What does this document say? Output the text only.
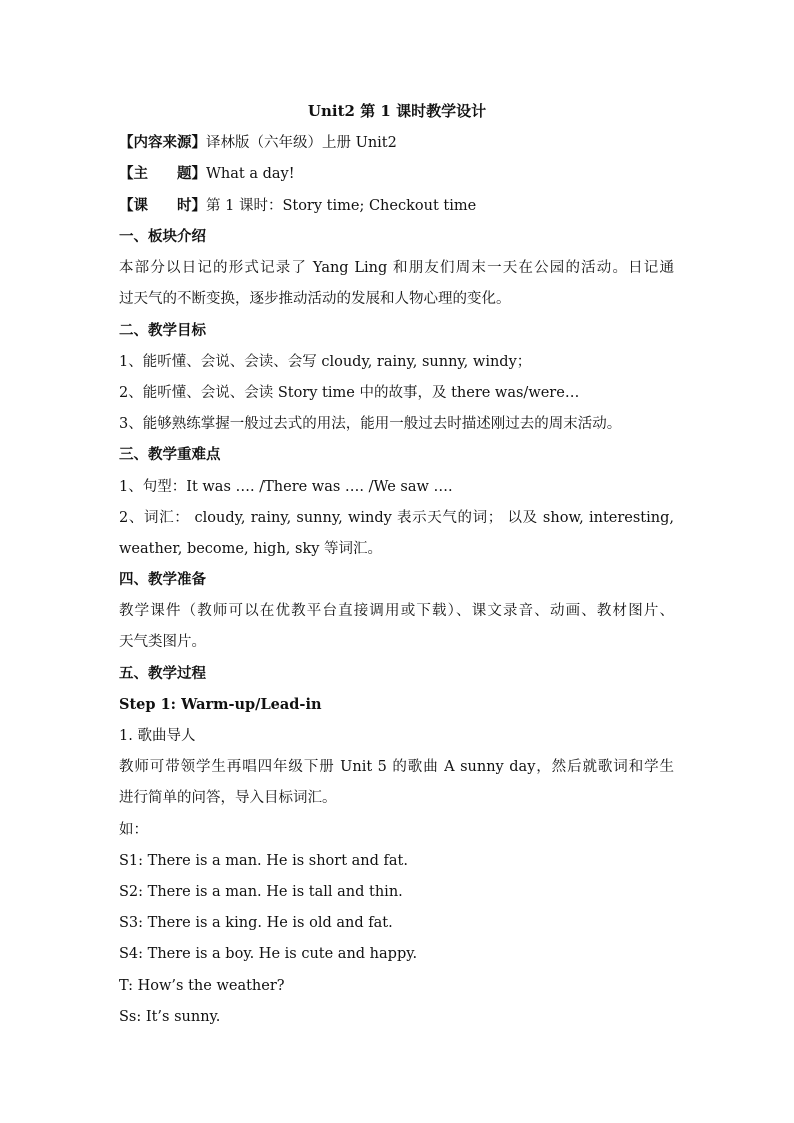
Unit2 第 1 课时教学设计
【内容来源】译林版（六年级）上册 Unit2
【主　　题】What a day!
【课　　时】第 1 课时：Story time; Checkout time
一、板块介绍
本部分以日记的形式记录了 Yang Ling 和朋友们周末一天在公园的活动。日记通
过天气的不断变换，逐步推动活动的发展和人物心理的变化。
二、教学目标
1、能听懂、会说、会读、会写 cloudy, rainy, sunny, windy；
2、能听懂、会说、会读 Story time 中的故事，及 there was/were…
3、能够熟练掌握一般过去式的用法，能用一般过去时描述刚过去的周末活动。
三、教学重难点
1、句型：It was …. /There was …. /We saw ….
2、词汇： cloudy, rainy, sunny, windy 表示天气的词； 以及 show, interesting,
weather, become, high, sky 等词汇。
四、教学准备
教学课件（教师可以在优教平台直接调用或下载）、课文录音、动画、教材图片、
天气类图片。
五、教学过程
Step 1: Warm-up/Lead-in
1. 歌曲导人
教师可带领学生再唱四年级下册 Unit 5 的歌曲 A sunny day，然后就歌词和学生
进行简单的问答，导入目标词汇。
如：
S1: There is a man. He is short and fat.
S2: There is a man. He is tall and thin.
S3: There is a king. He is old and fat.
S4: There is a boy. He is cute and happy.
T: How’s the weather?
Ss: It’s sunny.
